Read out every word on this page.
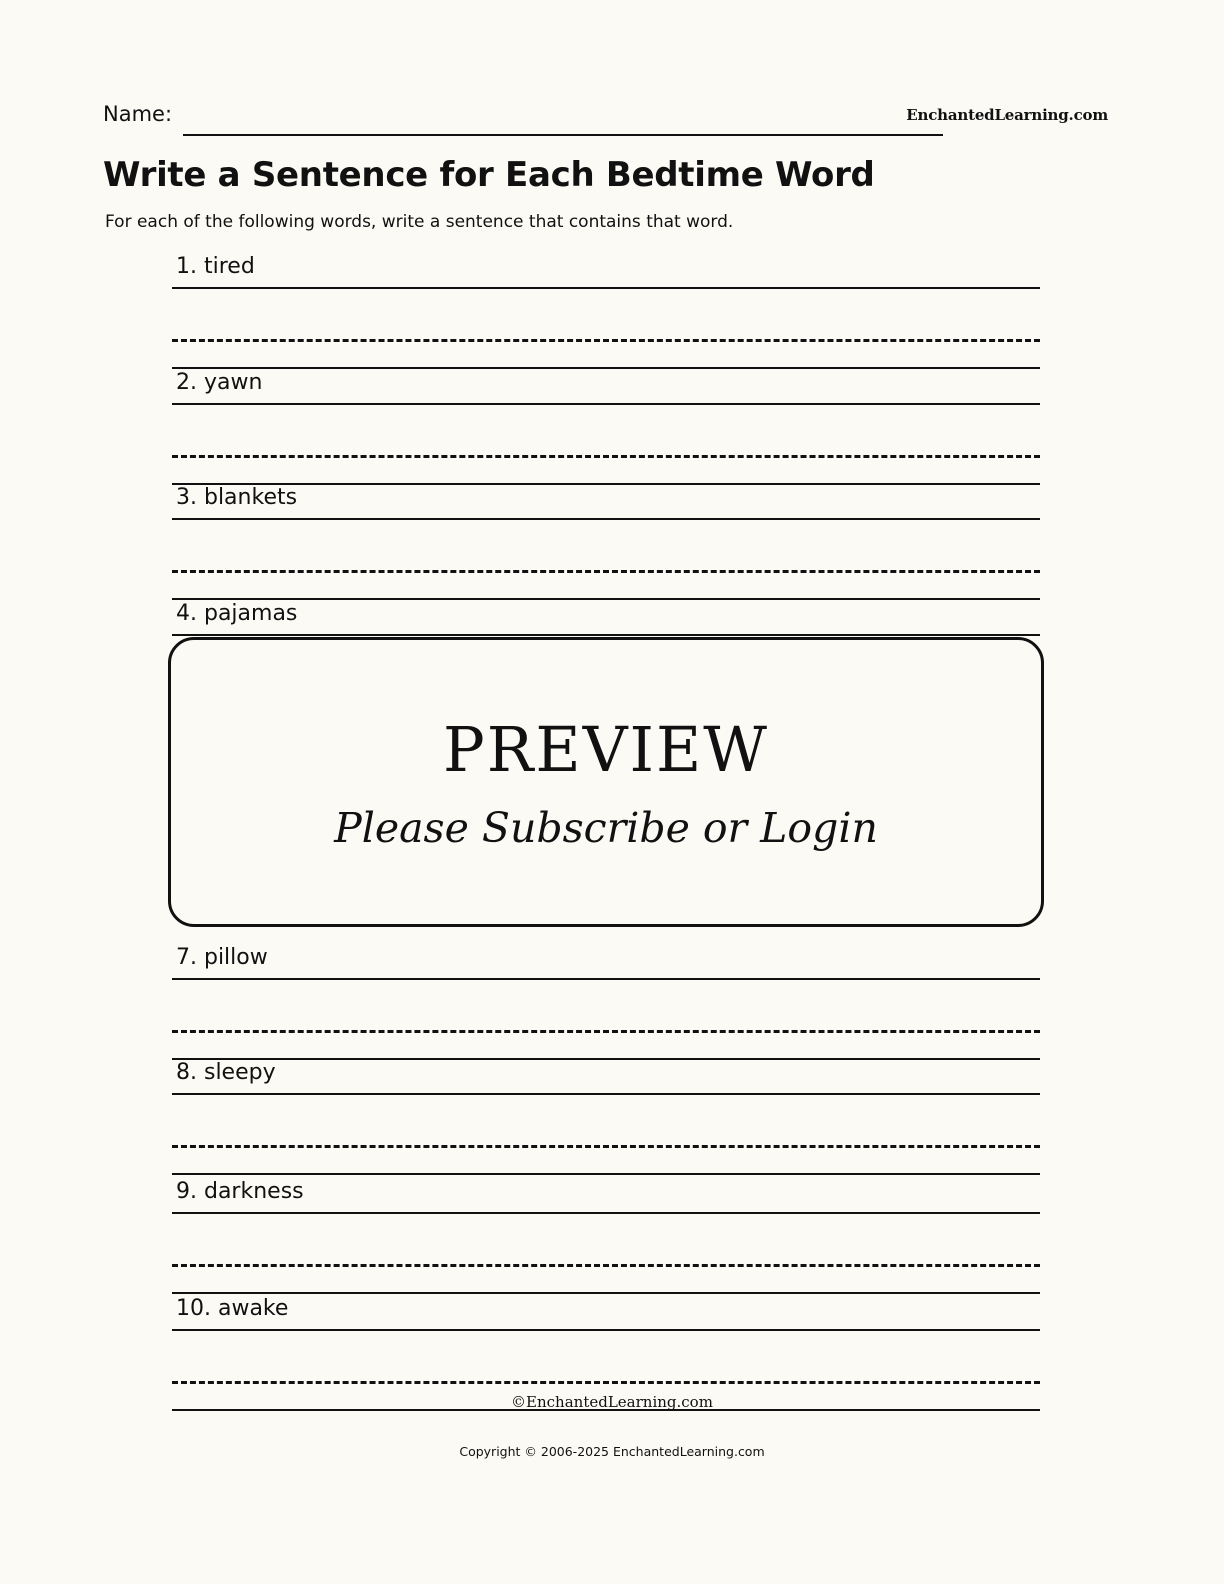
Name:	EnchantedLearning.com
Write a Sentence for Each Bedtime Word
For each of the following words, write a sentence that contains that word.
1. tired
2. yawn
3. blankets
4. pajamas
7. pillow
8. sleepy
9. darkness
10. awake
PREVIEW
Please Subscribe or Login
©EnchantedLearning.com
Copyright © 2006-2025 EnchantedLearning.com
